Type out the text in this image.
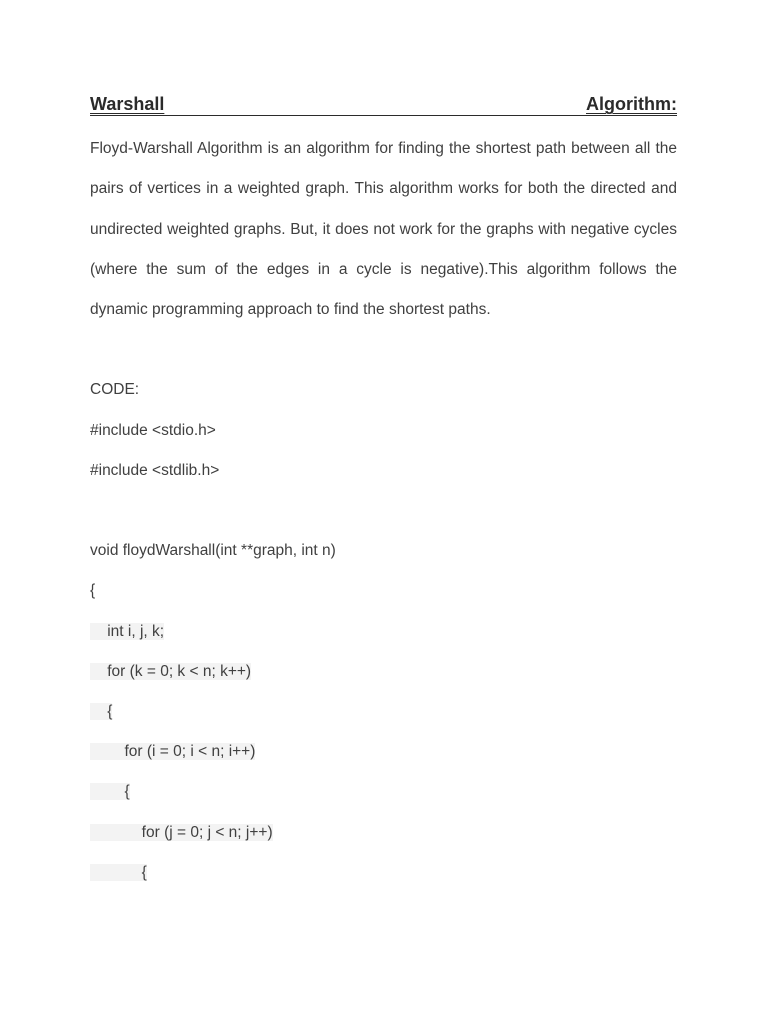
Warshall	Algorithm:

Floyd-Warshall Algorithm is an algorithm for finding the shortest path between all the pairs of vertices in a weighted graph. This algorithm works for both the directed and undirected weighted graphs. But, it does not work for the graphs with negative cycles (where the sum of the edges in a cycle is negative).This algorithm follows the dynamic programming approach to find the shortest paths.

CODE:
#include <stdio.h>
#include <stdlib.h>
void floydWarshall(int **graph, int n)
{
int i, j, k;
for (k = 0; k < n; k++)
{
for (i = 0; i < n; i++)
{
for (j = 0; j < n; j++)
{
